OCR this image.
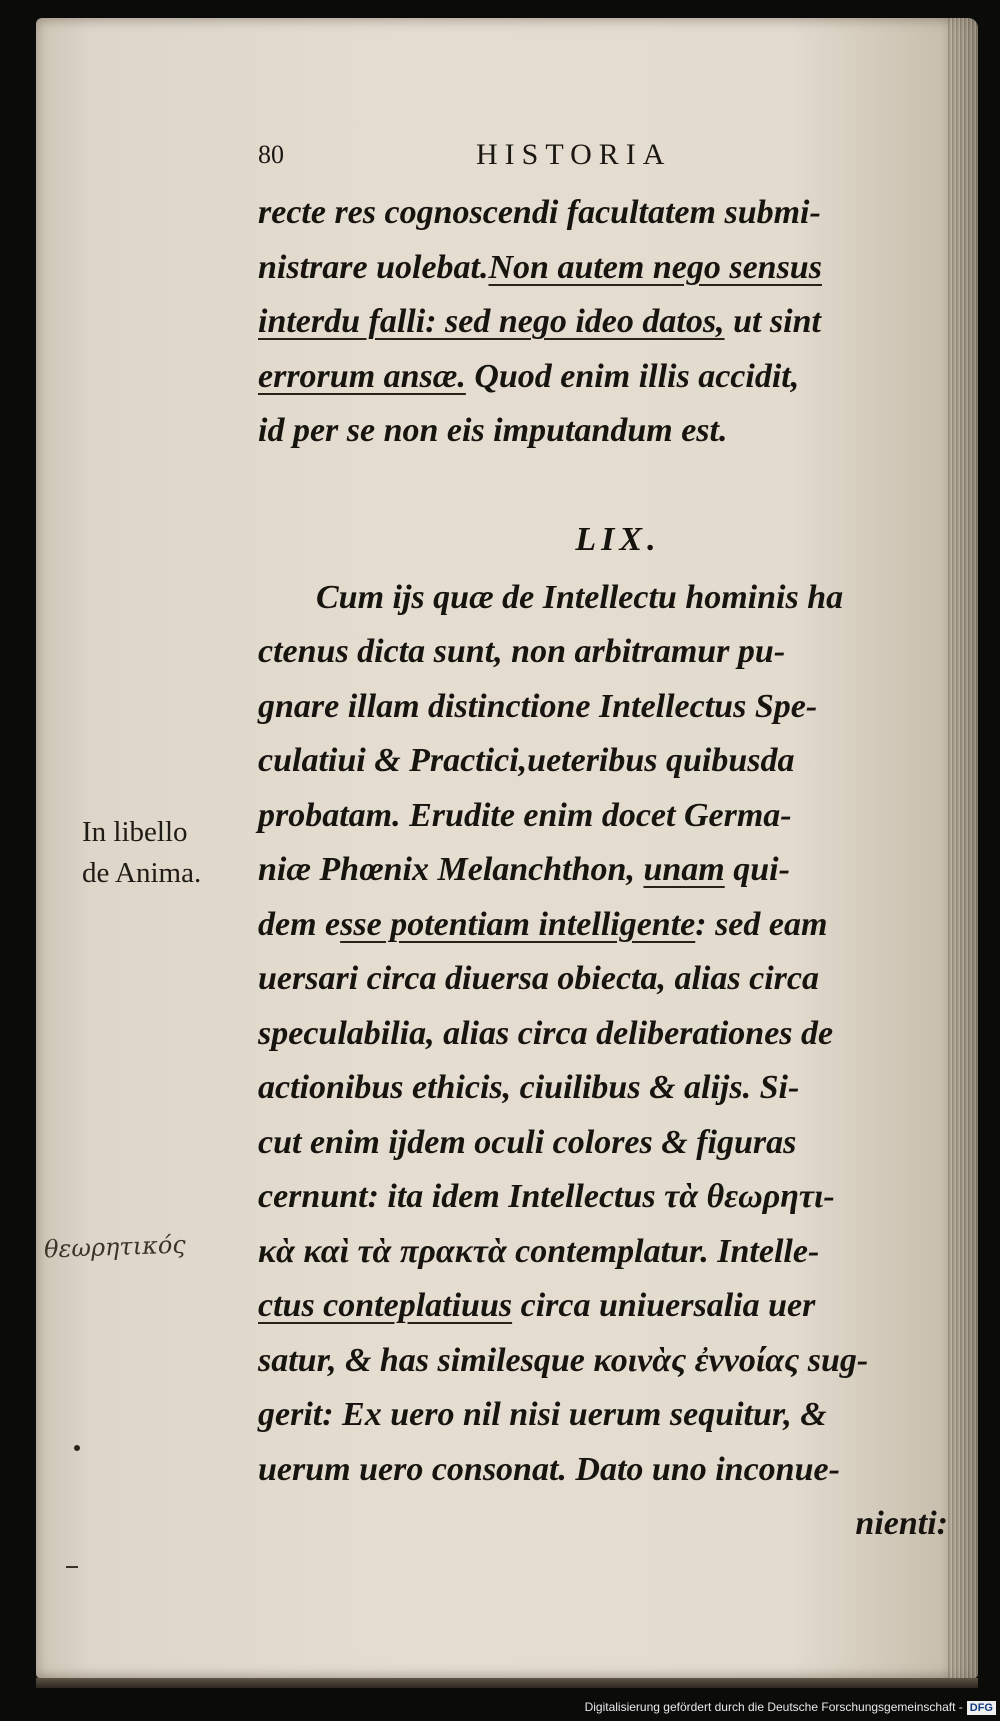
80	HISTORIA
recte res cognoscendi facultatem submi-
nistrare uolebat.Non autem nego sensus
interdu falli: sed nego ideo datos, ut sint
errorum ansæ. Quod enim illis accidit,
id per se non eis imputandum est.
LIX.
Cum ijs quæ de Intellectu hominis ha
ctenus dicta sunt, non arbitramur pu-
gnare illam distinctione Intellectus Spe-
culatiui & Practici,ueteribus quibusda
probatam. Erudite enim docet Germa-
niæ Phœnix Melanchthon, unam qui-
dem esse potentiam intelligente: sed eam
uersari circa diuersa obiecta, alias circa
speculabilia, alias circa deliberationes de
actionibus ethicis, ciuilibus & alijs. Si-
cut enim ijdem oculi colores & figuras
cernunt: ita idem Intellectus τὰ θεωρητι-
κὰ καὶ τὰ πρακτὰ contemplatur. Intelle-
ctus conteplatiuus circa uniuersalia uer
satur, & has similesque κοινὰς ἐννοίας sug-
gerit: Ex uero nil nisi uerum sequitur, &
uerum uero consonat. Dato uno inconue-
nienti:
In libello
de Anima.
θεωρητικός
Digitalisierung gefördert durch die Deutsche Forschungsgemeinschaft - DFG
